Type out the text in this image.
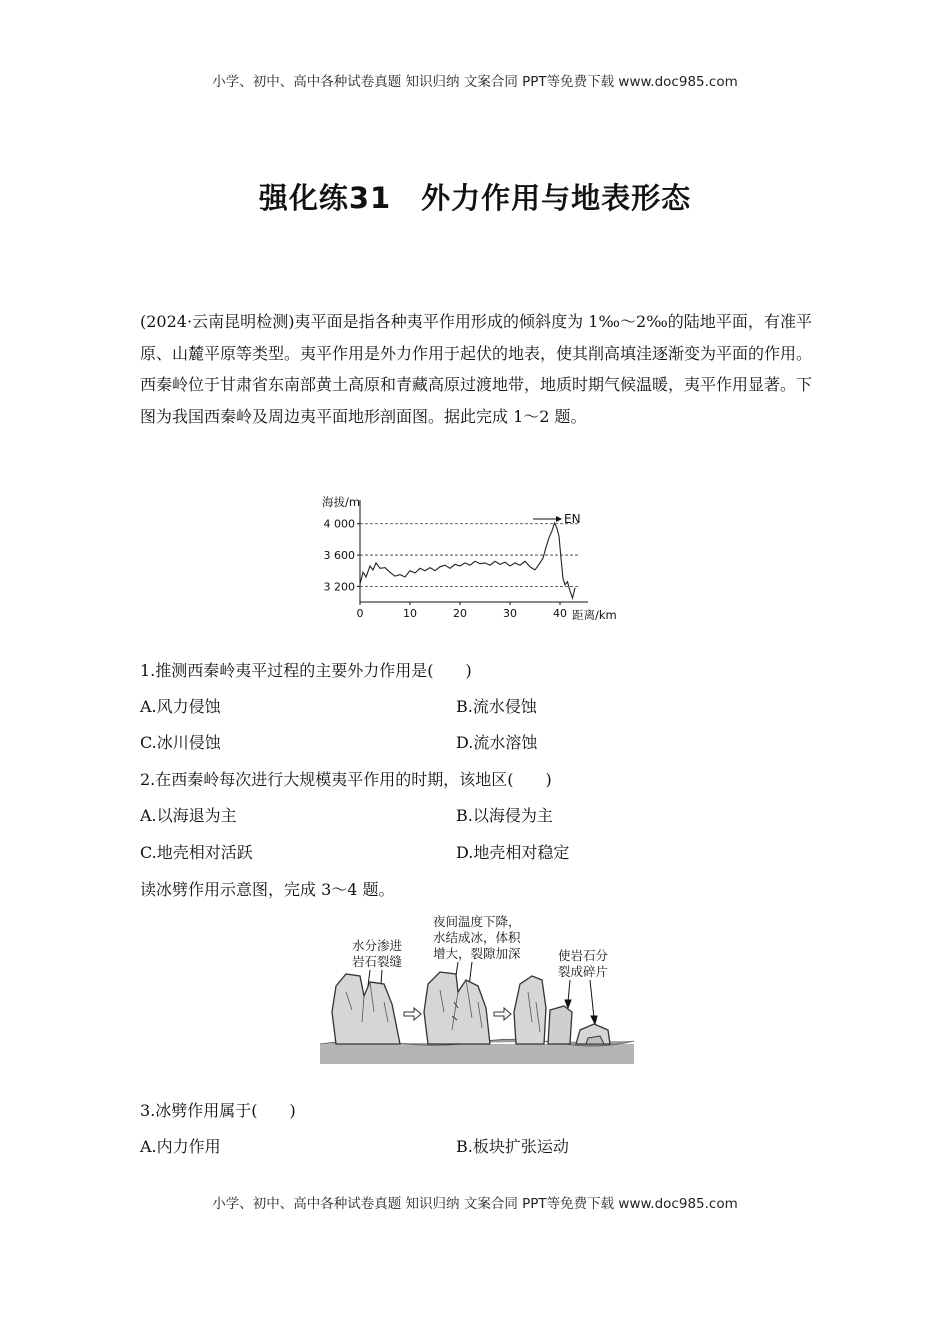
小学、初中、高中各种试卷真题 知识归纳 文案合同 PPT等免费下载 www.doc985.com
强化练31　外力作用与地表形态
(2024·云南昆明检测)夷平面是指各种夷平作用形成的倾斜度为 1‰～2‰的陆地平面，有准平原、山麓平原等类型。夷平作用是外力作用于起伏的地表，使其削高填洼逐渐变为平面的作用。西秦岭位于甘肃省东南部黄土高原和青藏高原过渡地带，地质时期气候温暖，夷平作用显著。下图为我国西秦岭及周边夷平面地形剖面图。据此完成 1～2 题。
3 200
3 600
4 000
0	10	20	30	40
海拔/m
距离/km
EN
1.推测西秦岭夷平过程的主要外力作用是(　　)
A.风力侵蚀	B.流水侵蚀
C.冰川侵蚀	D.流水溶蚀
2.在西秦岭每次进行大规模夷平作用的时期，该地区(　　)
A.以海退为主	B.以海侵为主
C.地壳相对活跃	D.地壳相对稳定
读冰劈作用示意图，完成 3～4 题。
水分渗进
岩石裂缝
夜间温度下降，
水结成冰，体积
增大，裂隙加深	使岩石分
裂成碎片
3.冰劈作用属于(　　)
A.内力作用	B.板块扩张运动
小学、初中、高中各种试卷真题 知识归纳 文案合同 PPT等免费下载 www.doc985.com
